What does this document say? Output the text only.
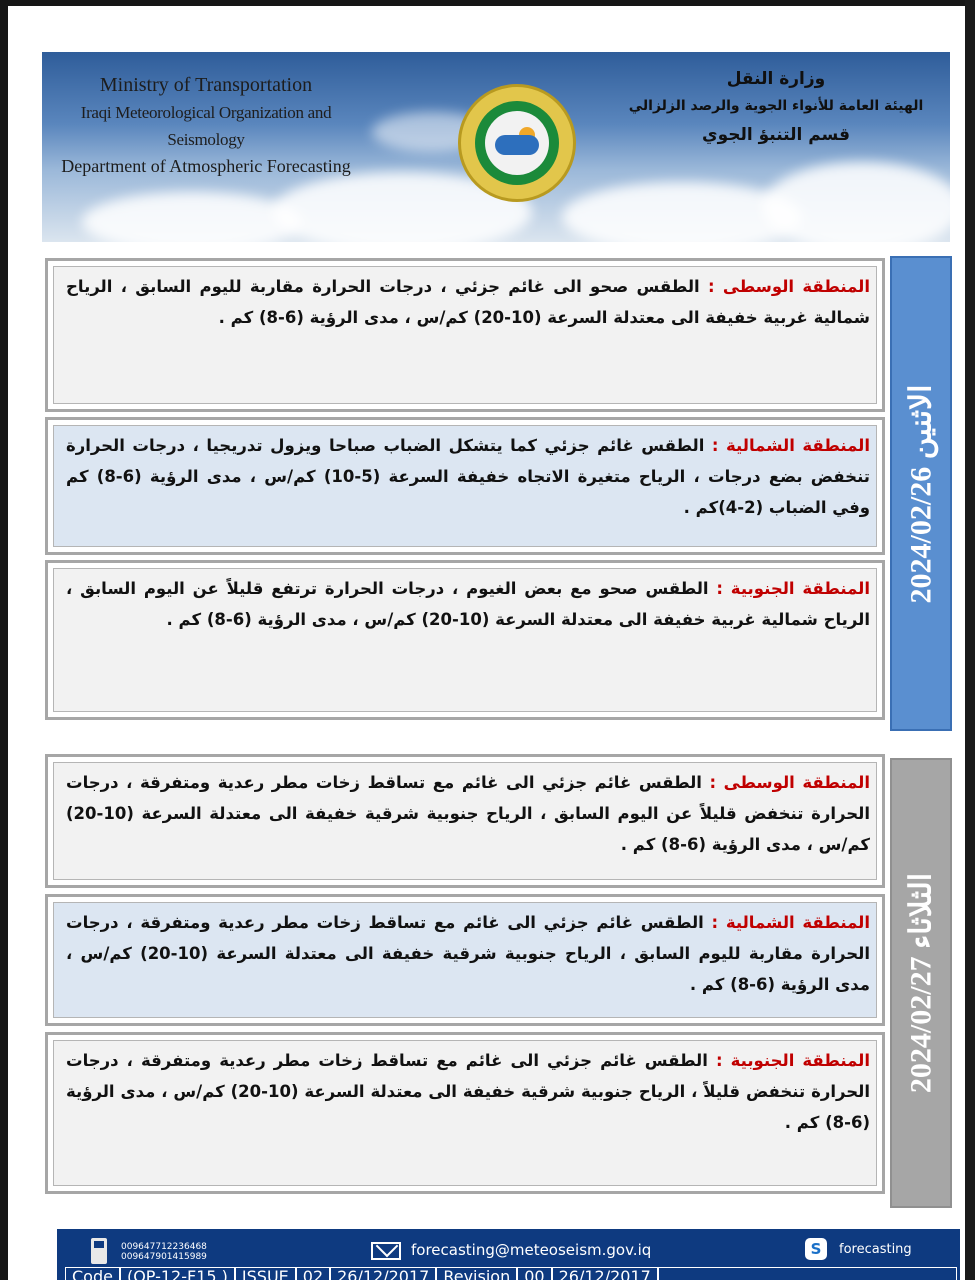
Ministry of Transportation
Iraqi Meteorological Organization and Seismology
Department of Atmospheric Forecasting
وزارة النقل
الهيئة العامة للأنواء الجوية والرصد الزلزالي
قسم التنبؤ الجوي
المنطقة الوسطى : الطقس صحو الى غائم جزئي ، درجات الحرارة مقاربة لليوم السابق ، الرياح شمالية غربية خفيفة الى معتدلة السرعة (10-20) كم/س ، مدى الرؤية (6-8) كم .
المنطقة الشمالية : الطقس غائم جزئي كما يتشكل الضباب صباحا ويزول تدريجيا ، درجات الحرارة تنخفض بضع درجات ، الرياح متغيرة الاتجاه خفيفة السرعة (5-10) كم/س ، مدى الرؤية (6-8) كم وفي الضباب (2-4)كم .
المنطقة الجنوبية : الطقس صحو مع بعض الغيوم ، درجات الحرارة ترتفع قليلاً عن اليوم السابق ، الرياح شمالية غربية خفيفة الى معتدلة السرعة (10-20) كم/س ، مدى الرؤية (6-8) كم .
الاثنين 2024/02/26
المنطقة الوسطى : الطقس غائم جزئي الى غائم مع تساقط زخات مطر رعدية ومتفرقة ، درجات الحرارة تنخفض قليلاً عن اليوم السابق ، الرياح جنوبية شرقية خفيفة الى معتدلة السرعة (10-20) كم/س ، مدى الرؤية (6-8) كم .
المنطقة الشمالية : الطقس غائم جزئي الى غائم مع تساقط زخات مطر رعدية ومتفرقة ، درجات الحرارة مقاربة لليوم السابق ، الرياح جنوبية شرقية خفيفة الى معتدلة السرعة (10-20) كم/س ، مدى الرؤية (6-8) كم .
المنطقة الجنوبية : الطقس غائم جزئي الى غائم مع تساقط زخات مطر رعدية ومتفرقة ، درجات الحرارة تنخفض قليلاً ، الرياح جنوبية شرقية خفيفة الى معتدلة السرعة (10-20) كم/س ، مدى الرؤية (6-8) كم .
الثلاثاء 2024/02/27
009647712236468
009647901415989	forecasting@meteoseism.gov.iq	S	forecasting
Code (OP-12-F15 ) ISSUE 02 26/12/2017 Revision 00 26/12/2017
